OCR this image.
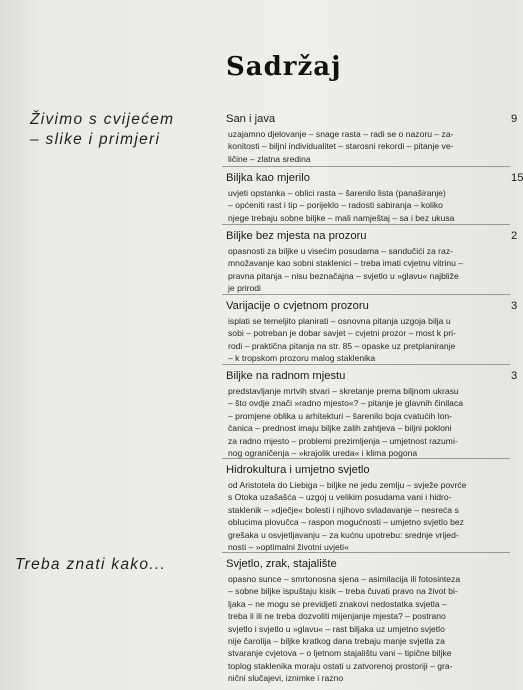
Sadržaj
Živimo s cvijećem
– slike i primjeri
Treba znati kako...
San i java	9
uzajamno djelovanje – snage rasta – radi se o nazoru – za-
konitosti – biljni individualitet – starosni rekordi – pitanje ve-
ličine – zlatna sredina
Biljka kao mjerilo	15
uvjeti opstanka – oblici rasta – šarenilo lista (panaširanje)
– općeniti rast i tip – porijeklo – radosti sabiranja – koliko
njege trebaju sobne biljke – mali namještaj – sa i bez ukusa
Biljke bez mjesta na prozoru	2
opasnosti za biljke u visećim posudama – sandučići za raz-
množavanje kao sobni staklenici – treba imati cvjetnu vitrinu –
pravna pitanja – nisu beznačajna – svjetlo u »glavu« najbliže
je prirodi
Varijacije o cvjetnom prozoru	3
isplati se temeljito planirati – osnovna pitanja uzgoja bilja u
sobi – potreban je dobar savjet – cvjetni prozor – most k pri-
rodi – praktična pitanja na str. 85 – opaske uz pretplaniranje
– k tropskom prozoru malog staklenika
Biljke na radnom mjestu	3
predstavljanje mrtvih stvari – skretanje prema biljnom ukrasu
– što ovdje znači »radno mjesto«? – pitanje je glavnih činilaca
– promjene oblika u arhitekturi – šarenilo boja cvatućih lon-
čanica – prednost imaju biljke zalih zahtjeva – biljni pokloni
za radno mjesto – problemi prezimljenja – umjetnost razumi-
nog ograničenja – »krajolik ureda« i klima pogona
Hidrokultura i umjetno svjetlo
od Aristotela do Liebiga – biljke ne jedu zemlju – svježe povrće
s Otoka uzašašća – uzgoj u velikim posudama vani i hidro-
staklenik – »dječje« bolesti i njihovo svladavanje – nesreća s
oblucima plovučca – raspon mogućnosti – umjetno svjetlo bez
grešaka u osvjetljavanju – za kućnu upotrebu: srednje vrijed-
nosti – »optimalni životni uvjeti«
Svjetlo, zrak, stajalište
opasno sunce – smrtonosna sjena – asimilacija ili fotosinteza
– sobne biljke ispuštaju kisik – treba čuvati pravo na život bi-
ljaka – ne mogu se previdjeti znakovi nedostatka svjetla –
treba li ili ne treba dozvoliti mijenjanje mjesta? – postrano
svjetlo i svjetlo u »glavu« – rast biljaka uz umjetno svjetlo
nije čarolija – biljke kratkog dana trebaju manje svjetla za
stvaranje cvjetova – o ljetnom stajalištu vani – tipične biljke
toplog staklenika moraju ostati u zatvorenoj prostoriji – gra-
nični slučajevi, iznimke i razno
